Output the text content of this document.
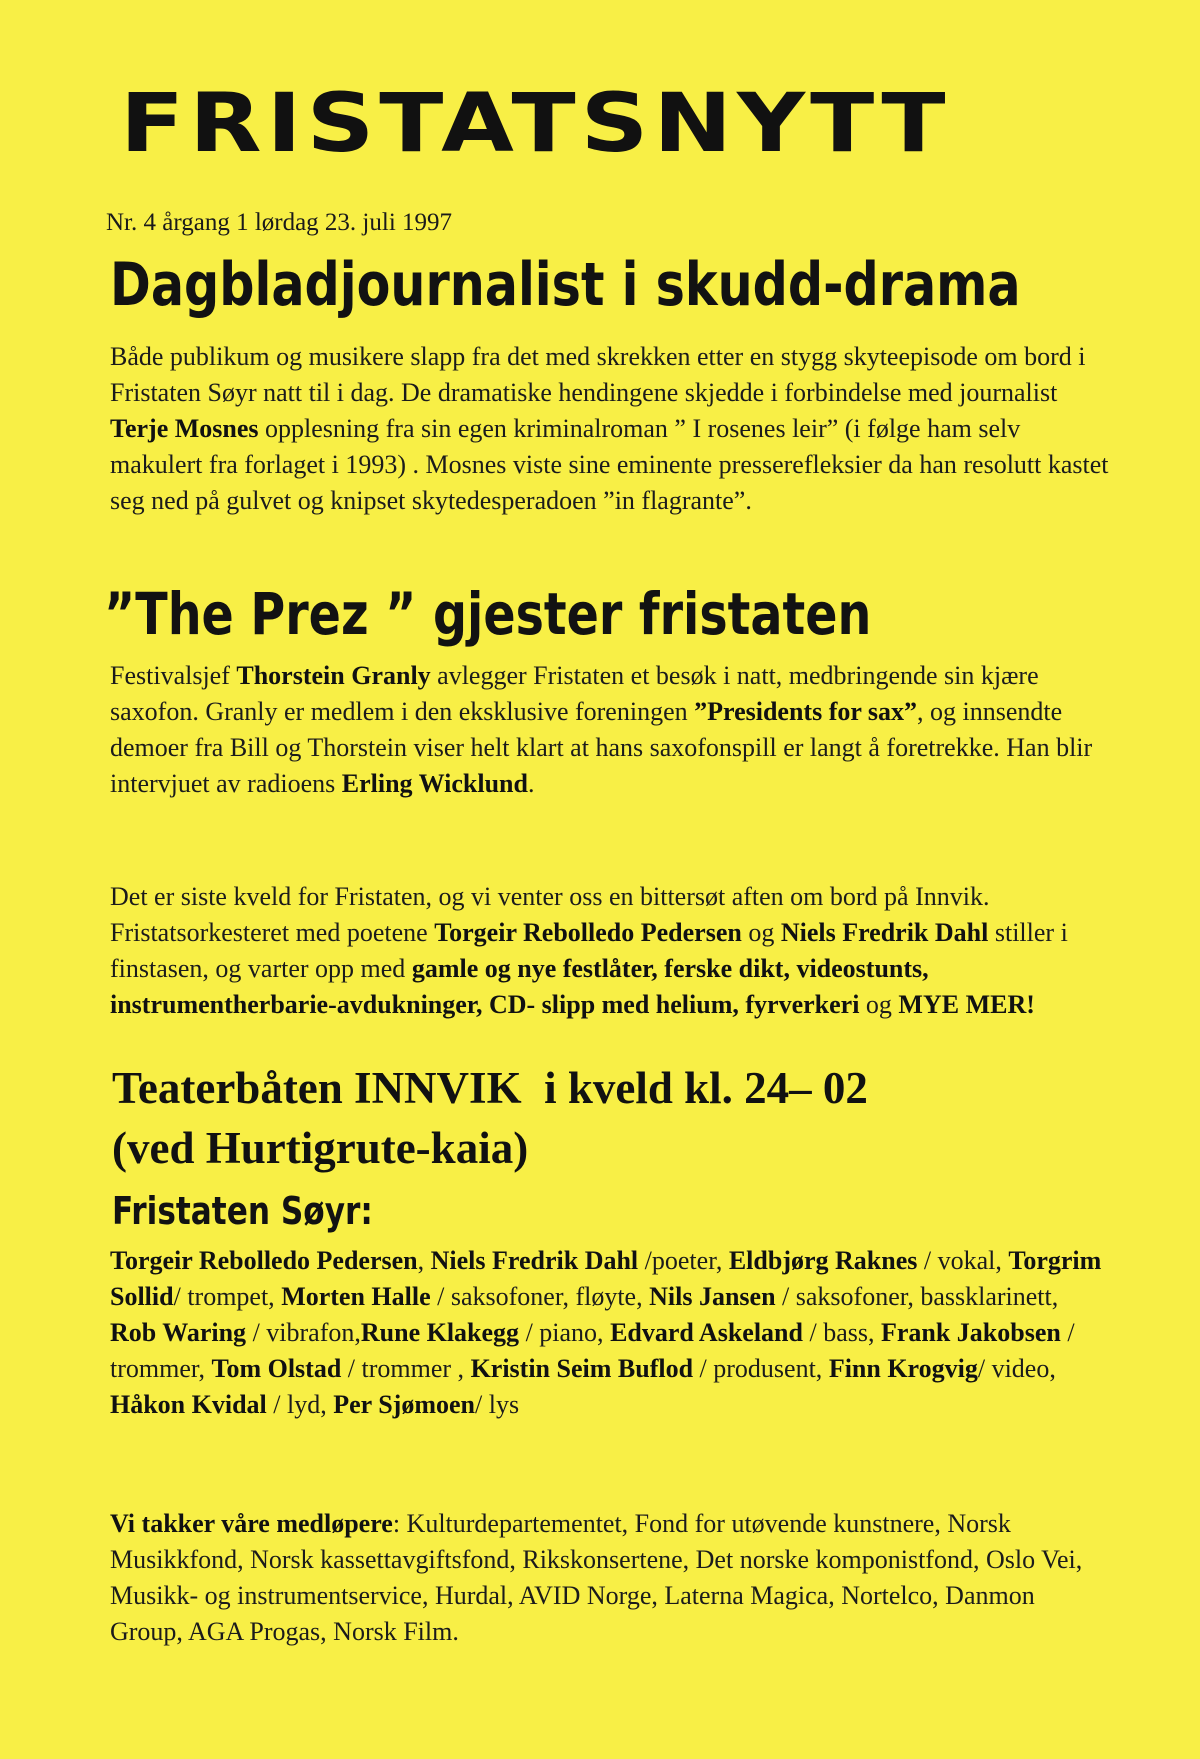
FRISTATSNYTT
Nr. 4 årgang 1 lørdag 23. juli 1997
Dagbladjournalist i skudd-drama

Både publikum og musikere slapp fra det med skrekken etter en stygg skyteepisode om bord i Fristaten Søyr natt til i dag. De dramatiske hendingene skjedde i forbindelse med journalist Terje Mosnes opplesning fra sin egen kriminalroman ” I rosenes leir” (i følge ham selv makulert fra forlaget i 1993) . Mosnes viste sine eminente presserefleksier da han resolutt kastet seg ned på gulvet og knipset skytedesperadoen ”in flagrante”.

”The Prez ” gjester fristaten

Festivalsjef Thorstein Granly avlegger Fristaten et besøk i natt, medbringende sin kjære saxofon. Granly er medlem i den eksklusive foreningen ”Presidents for sax”, og innsendte demoer fra Bill og Thorstein viser helt klart at hans saxofonspill er langt å foretrekke. Han blir intervjuet av radioens Erling Wicklund.

Det er siste kveld for Fristaten, og vi venter oss en bittersøt aften om bord på Innvik. Fristatsorkesteret med poetene Torgeir Rebolledo Pedersen og Niels Fredrik Dahl stiller i finstasen, og varter opp med gamle og nye festlåter, ferske dikt, videostunts, instrumentherbarie-avdukninger, CD- slipp med helium, fyrverkeri og MYE MER!

Teaterbåten INNVIK  i kveld kl. 24– 02
(ved Hurtigrute-kaia)
Fristaten Søyr:

Torgeir Rebolledo Pedersen, Niels Fredrik Dahl /poeter, Eldbjørg Raknes / vokal, Torgrim Sollid/ trompet, Morten Halle / saksofoner, fløyte, Nils Jansen / saksofoner, bassklarinett, Rob Waring / vibrafon,Rune Klakegg / piano, Edvard Askeland / bass, Frank Jakobsen / trommer, Tom Olstad / trommer , Kristin Seim Buflod / produsent, Finn Krogvig/ video, Håkon Kvidal / lyd, Per Sjømoen/ lys

Vi takker våre medløpere: Kulturdepartementet, Fond for utøvende kunstnere, Norsk Musikkfond, Norsk kassettavgiftsfond, Rikskonsertene, Det norske komponistfond, Oslo Vei, Musikk- og instrumentservice, Hurdal, AVID Norge, Laterna Magica, Nortelco, Danmon Group, AGA Progas, Norsk Film.
